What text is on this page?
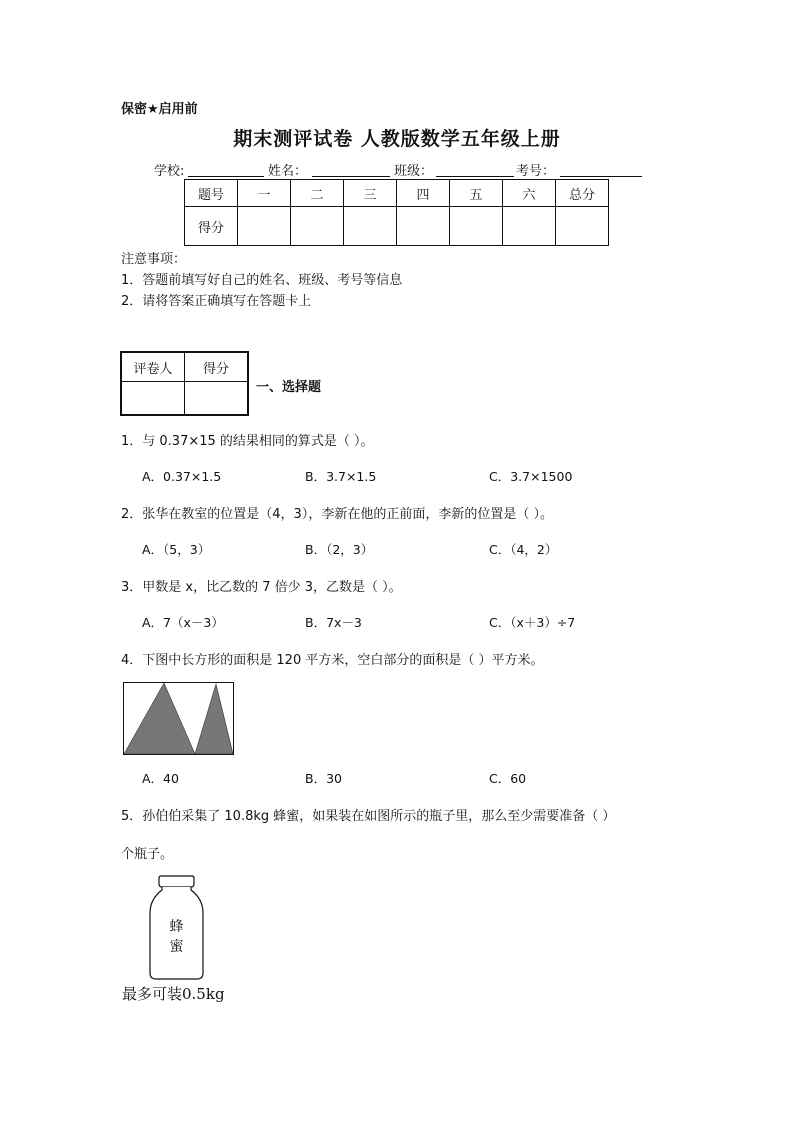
保密★启用前
期末测评试卷 人教版数学五年级上册
学校:	姓名：	班级：	考号：
题号	一	二	三	四	五	六	总分
得分							
注意事项：
1．答题前填写好自己的姓名、班级、考号等信息
2．请将答案正确填写在答题卡上
评卷人	得分

一、选择题
1．与 0.37×15 的结果相同的算式是（ ）。
A．0.37×1.5	B．3.7×1.5	C．3.7×1500
2．张华在教室的位置是（4，3），李新在他的正前面，李新的位置是（ ）。
A．（5，3）	B．（2，3）	C．（4，2）
3．甲数是 x，比乙数的 7 倍少 3，乙数是（ ）。
A．7（x－3）	B．7x－3	C．（x＋3）÷7
4．下图中长方形的面积是 120 平方米，空白部分的面积是（ ）平方米。
A．40	B．30	C．60
5．孙伯伯采集了 10.8kg 蜂蜜，如果装在如图所示的瓶子里，那么至少需要准备（ ）
个瓶子。
蜂
蜜
最多可装0.5kg
